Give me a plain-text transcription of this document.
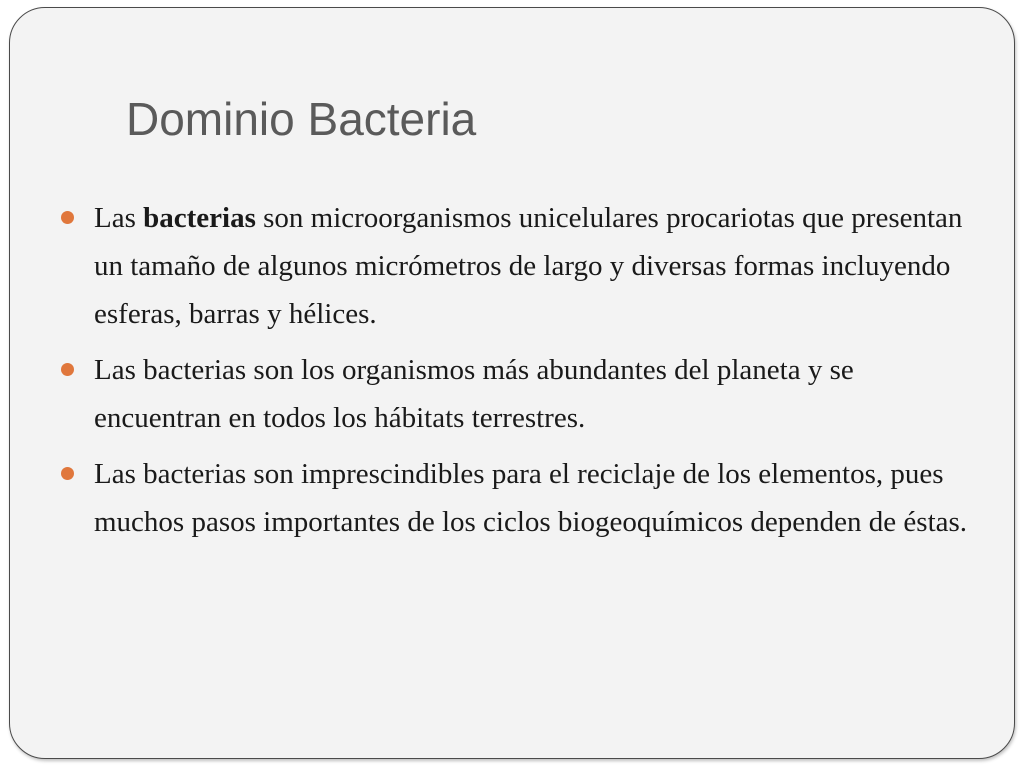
Dominio Bacteria
Las bacterias son microorganismos unicelulares procariotas que presentan un tamaño de algunos micrómetros de largo y diversas formas incluyendo esferas, barras y hélices.
Las bacterias son los organismos más abundantes del planeta y se encuentran en todos los hábitats terrestres.
Las bacterias son imprescindibles para el reciclaje de los elementos, pues muchos pasos importantes de los ciclos biogeoquímicos dependen de éstas.
